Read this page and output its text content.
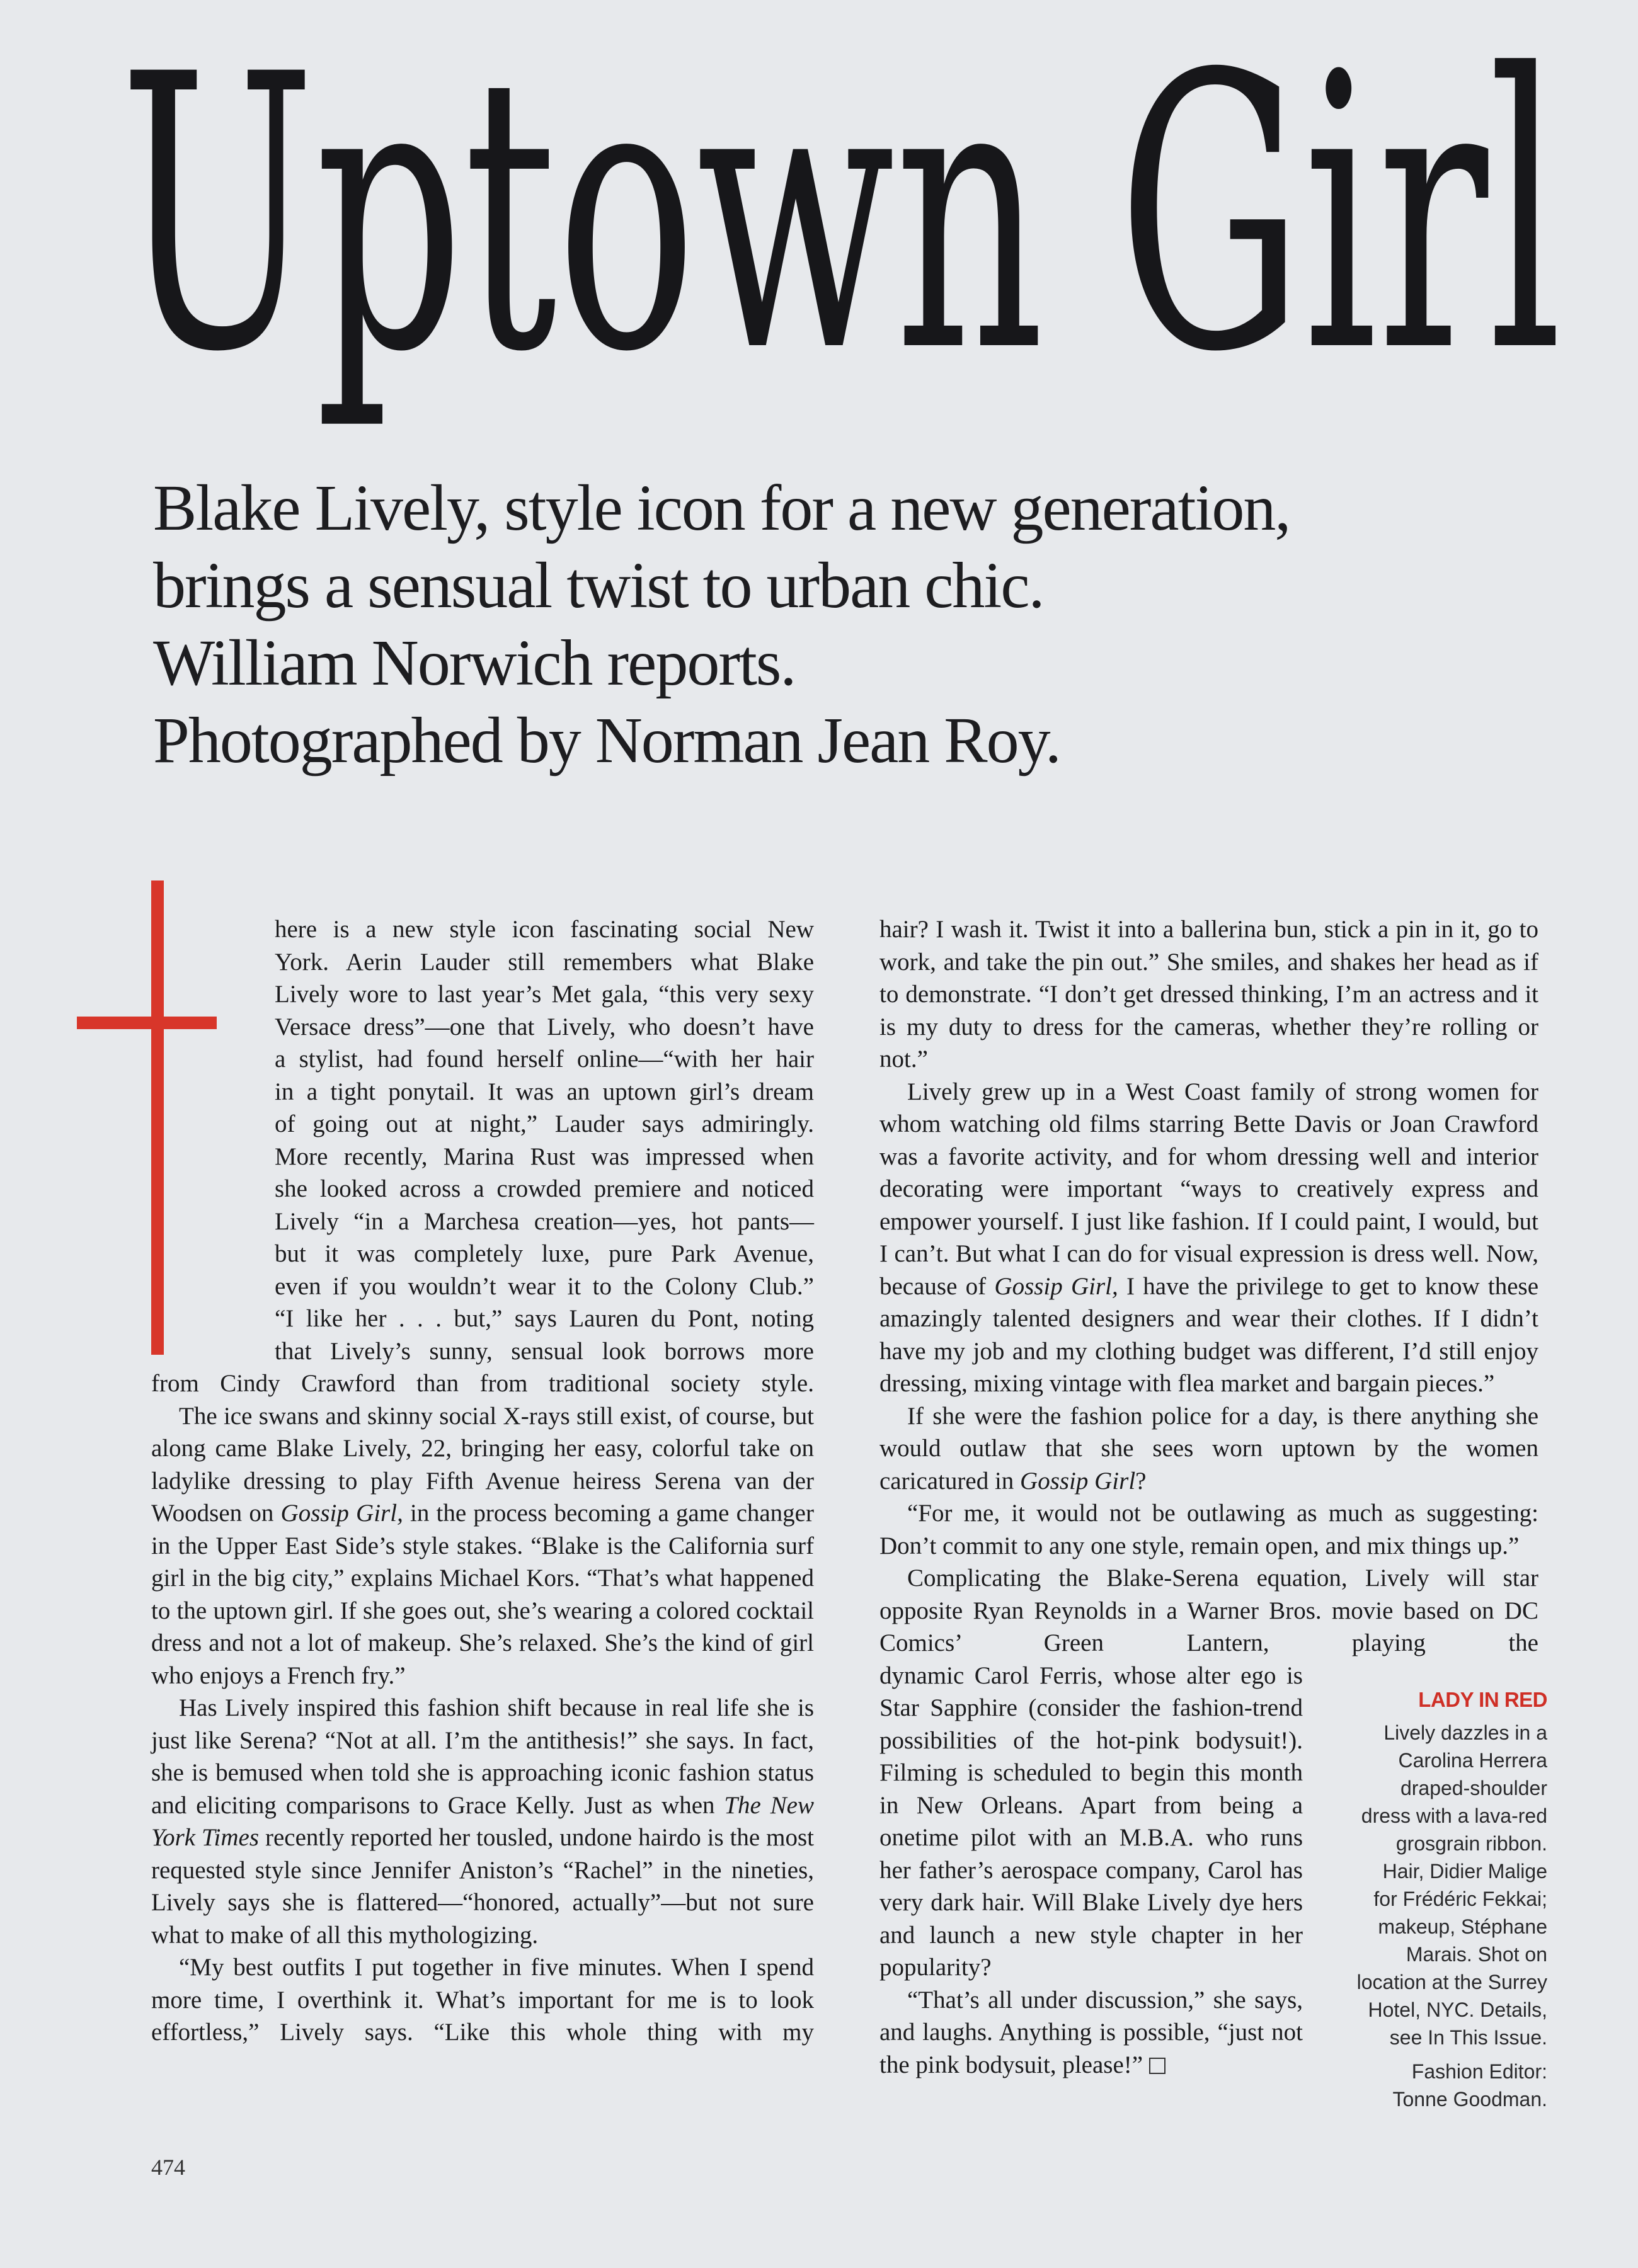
Uptown Girl
Blake Lively, style icon for a new generation,
brings a sensual twist to urban chic.
William Norwich reports.
Photographed by Norman Jean Roy.

here is a new style icon fascinating social New
York. Aerin Lauder still remembers what Blake
Lively wore to last year’s Met gala, “this very sexy
Versace dress”—one that Lively, who doesn’t have
a stylist, had found herself online—“with her hair
in a tight ponytail. It was an uptown girl’s dream
of going out at night,” Lauder says admiringly.
More recently, Marina Rust was impressed when
she looked across a crowded premiere and noticed
Lively “in a Marchesa creation—yes, hot pants—
but it was completely luxe, pure Park Avenue,
even if you wouldn’t wear it to the Colony Club.”
“I like her . . . but,” says Lauren du Pont, noting
that Lively’s sunny, sensual look borrows more
from Cindy Crawford than from traditional society style.

The ice swans and skinny social X-rays still exist, of course, but along came Blake Lively, 22, bringing her easy, colorful take on ladylike dressing to play Fifth Avenue heiress Serena van der Woodsen on Gossip Girl, in the process becoming a game changer in the Upper East Side’s style stakes. “Blake is the California surf girl in the big city,” explains Michael Kors. “That’s what happened to the uptown girl. If she goes out, she’s wearing a colored cocktail dress and not a lot of makeup. She’s relaxed. She’s the kind of girl who enjoys a French fry.”

Has Lively inspired this fashion shift because in real life she is just like Serena? “Not at all. I’m the antithesis!” she says. In fact, she is bemused when told she is approaching iconic fashion status and eliciting comparisons to Grace Kelly. Just as when The New York Times recently reported her tousled, undone hairdo is the most requested style since Jennifer Aniston’s “Rachel” in the nineties, Lively says she is flattered—“honored, actually”—but not sure what to make of all this mythologizing.

“My best outfits I put together in five minutes. When I spend more time, I overthink it. What’s important for me is to look effortless,” Lively says. “Like this whole thing with my

hair? I wash it. Twist it into a ballerina bun, stick a pin in it, go to work, and take the pin out.” She smiles, and shakes her head as if to demonstrate. “I don’t get dressed thinking, I’m an actress and it is my duty to dress for the cameras, whether they’re rolling or not.”

Lively grew up in a West Coast family of strong women for whom watching old films starring Bette Davis or Joan Crawford was a favorite activity, and for whom dressing well and interior decorating were important “ways to creatively express and empower yourself. I just like fashion. If I could paint, I would, but I can’t. But what I can do for visual expression is dress well. Now, because of Gossip Girl, I have the privilege to get to know these amazingly talented designers and wear their clothes. If I didn’t have my job and my clothing budget was different, I’d still enjoy dressing, mixing vintage with flea market and bargain pieces.”

If she were the fashion police for a day, is there anything she would outlaw that she sees worn uptown by the women caricatured in Gossip Girl?

“For me, it would not be outlawing as much as suggesting: Don’t commit to any one style, remain open, and mix things up.”

Complicating the Blake-Serena equation, Lively will star opposite Ryan Reynolds in a Warner Bros. movie based on DC Comics’ Green Lantern, playing the

dynamic Carol Ferris, whose alter ego is Star Sapphire (consider the fashion-trend possibilities of the hot-pink bodysuit!). Filming is scheduled to begin this month in New Orleans. Apart from being a onetime pilot with an M.B.A. who runs her father’s aerospace company, Carol has very dark hair. Will Blake Lively dye hers and launch a new style chapter in her popularity?

“That’s all under discussion,” she says, and laughs. Anything is possible, “just not the pink bodysuit, please!”

LADY IN RED
Lively dazzles in a
Carolina Herrera
draped-shoulder
dress with a lava-red
grosgrain ribbon.
Hair, Didier Malige
for Frédéric Fekkai;
makeup, Stéphane
Marais. Shot on
location at the Surrey
Hotel, NYC. Details,
see In This Issue.
Fashion Editor:
Tonne Goodman.
474
